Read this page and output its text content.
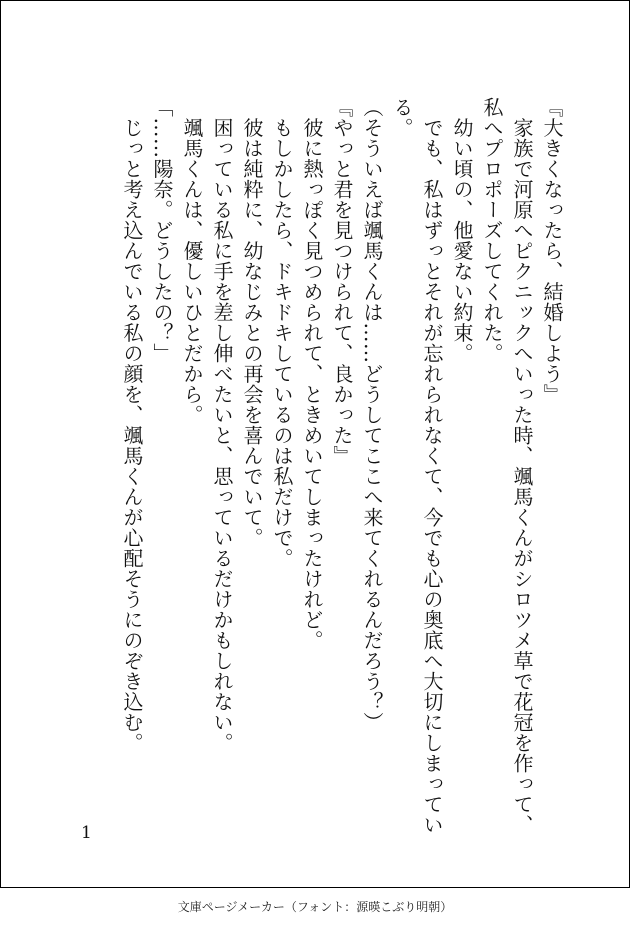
『大きくなったら、結婚しよう』
　家族で河原へピクニックへいった時、颯馬くんがシロツメ草で花冠を作って、
私へプロポーズしてくれた。
　幼い頃の、他愛ない約束。
　でも、私はずっとそれが忘れられなくて、今でも心の奥底へ大切にしまってい
る。
（そういえば颯馬くんは……どうしてここへ来てくれるんだろう？）
『やっと君を見つけられて、良かった』
　彼に熱っぽく見つめられて、ときめいてしまったけれど。
　もしかしたら、ドキドキしているのは私だけで。
　彼は純粋に、幼なじみとの再会を喜んでいて。
　困っている私に手を差し伸べたいと、思っているだけかもしれない。
　颯馬くんは、優しいひとだから。
「……陽奈。どうしたの？」
　じっと考え込んでいる私の顔を、颯馬くんが心配そうにのぞき込む。
1
文庫ページメーカー（フォント：源暎こぶり明朝）
